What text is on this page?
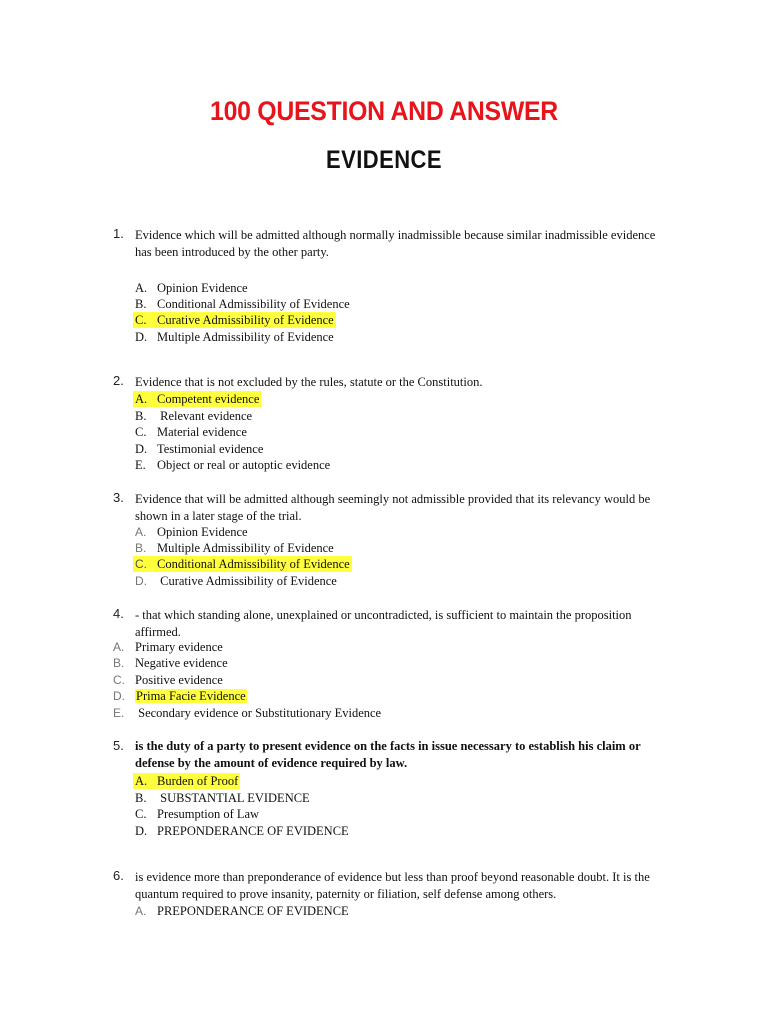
100 QUESTION AND ANSWER
EVIDENCE
1. Evidence which will be admitted although normally inadmissible because similar inadmissible evidence has been introduced by the other party.
A. Opinion Evidence
B. Conditional Admissibility of Evidence
C. Curative Admissibility of Evidence
D. Multiple Admissibility of Evidence
2. Evidence that is not excluded by the rules, statute or the Constitution.
A. Competent evidence
B. Relevant evidence
C. Material evidence
D. Testimonial evidence
E. Object or real or autoptic evidence
3. Evidence that will be admitted although seemingly not admissible provided that its relevancy would be shown in a later stage of the trial.
A. Opinion Evidence
B. Multiple Admissibility of Evidence
C. Conditional Admissibility of Evidence
D. Curative Admissibility of Evidence
4. - that which standing alone, unexplained or uncontradicted, is sufficient to maintain the proposition affirmed.
A. Primary evidence
B. Negative evidence
C. Positive evidence
D. Prima Facie Evidence
E. Secondary evidence or Substitutionary Evidence
5. is the duty of a party to present evidence on the facts in issue necessary to establish his claim or defense by the amount of evidence required by law.
A. Burden of Proof
B. SUBSTANTIAL EVIDENCE
C. Presumption of Law
D. PREPONDERANCE OF EVIDENCE
6. is evidence more than preponderance of evidence but less than proof beyond reasonable doubt. It is the quantum required to prove insanity, paternity or filiation, self defense among others.
A. PREPONDERANCE OF EVIDENCE
